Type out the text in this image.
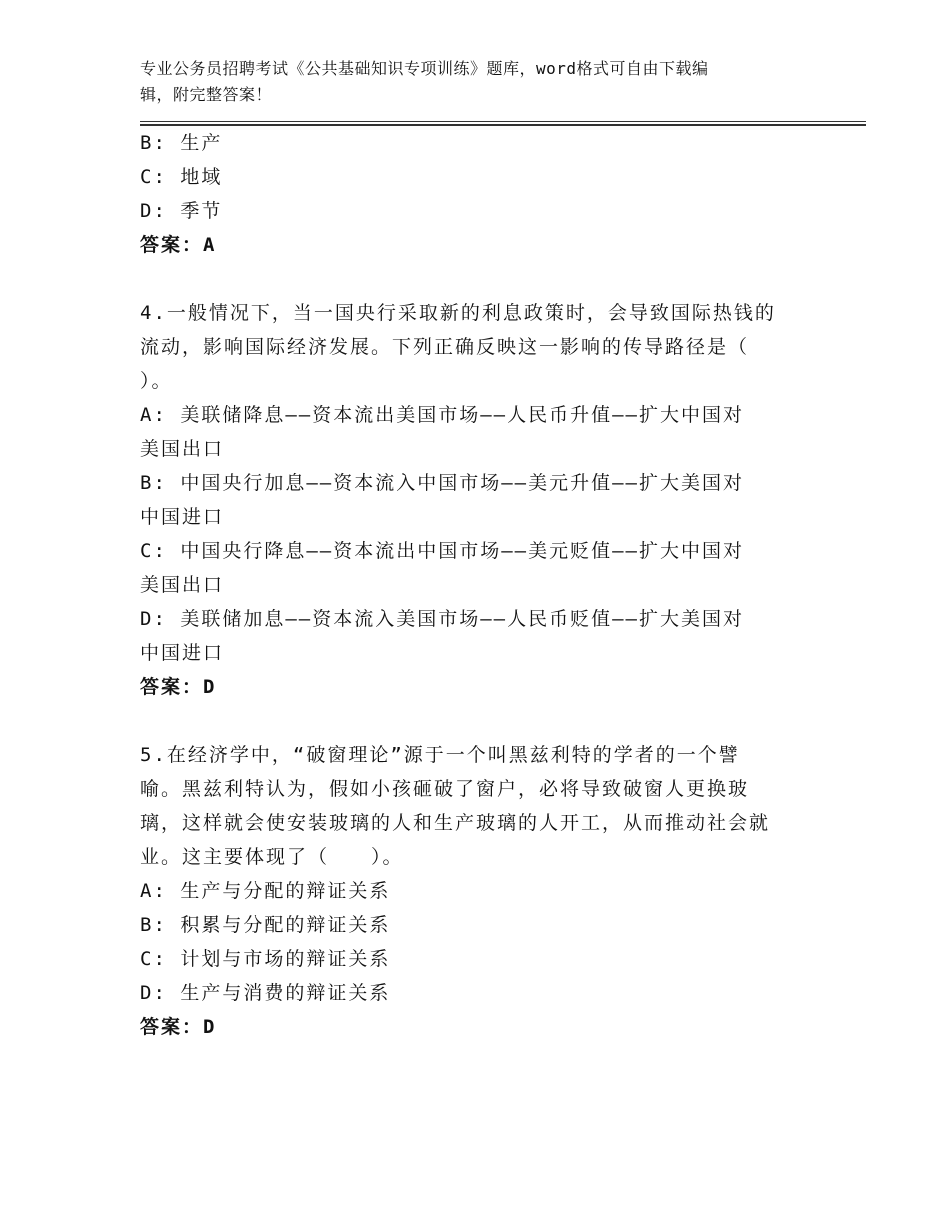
专业公务员招聘考试《公共基础知识专项训练》题库，word格式可自由下载编
辑，附完整答案！
B: 生产
C: 地域
D: 季节
答案：A
4.一般情况下，当一国央行采取新的利息政策时，会导致国际热钱的
流动，影响国际经济发展。下列正确反映这一影响的传导路径是（
）。
A: 美联储降息——资本流出美国市场——人民币升值——扩大中国对
美国出口
B: 中国央行加息——资本流入中国市场——美元升值——扩大美国对
中国进口
C: 中国央行降息——资本流出中国市场——美元贬值——扩大中国对
美国出口
D: 美联储加息——资本流入美国市场——人民币贬值——扩大美国对
中国进口
答案：D
5.在经济学中，“破窗理论”源于一个叫黑兹利特的学者的一个譬
喻。黑兹利特认为，假如小孩砸破了窗户，必将导致破窗人更换玻
璃，这样就会使安装玻璃的人和生产玻璃的人开工，从而推动社会就
业。这主要体现了（　　）。
A: 生产与分配的辩证关系
B: 积累与分配的辩证关系
C: 计划与市场的辩证关系
D: 生产与消费的辩证关系
答案：D
